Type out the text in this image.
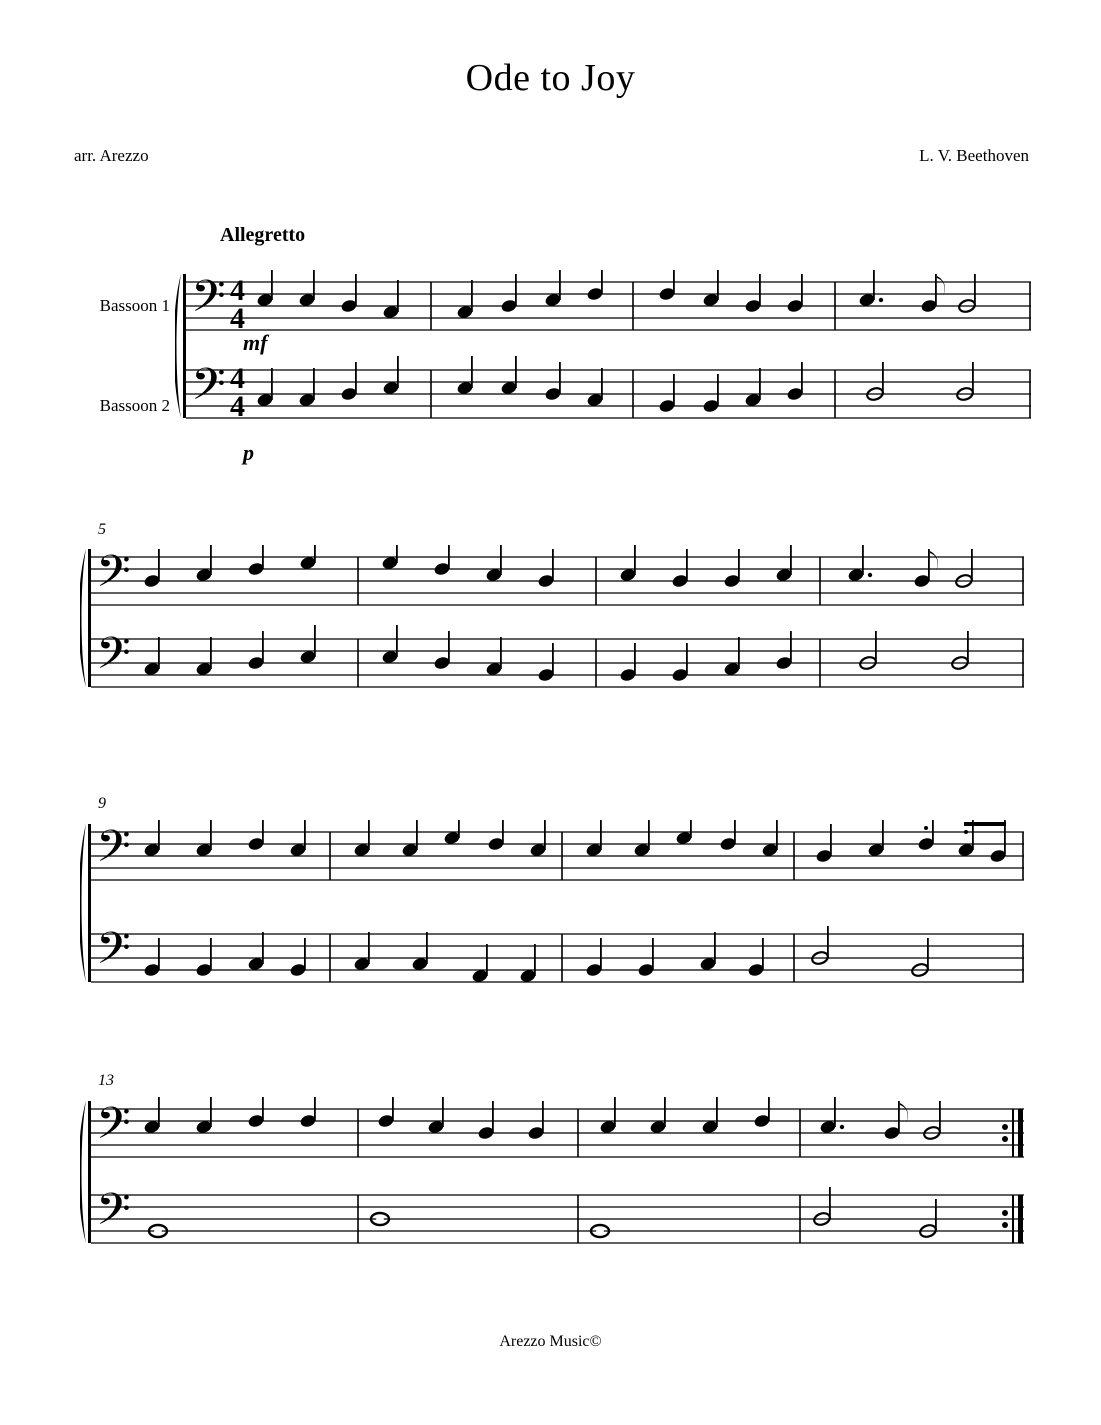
Ode to Joy
arr. Arezzo	L. V. Beethoven
Allegretto
Bassoon 1
Bassoon 2
mf
p
𝄢
𝄢
4
4
4
4
5
𝄢
𝄢
9
𝄢
𝄢
13
𝄢
𝄢
Arezzo Music©
